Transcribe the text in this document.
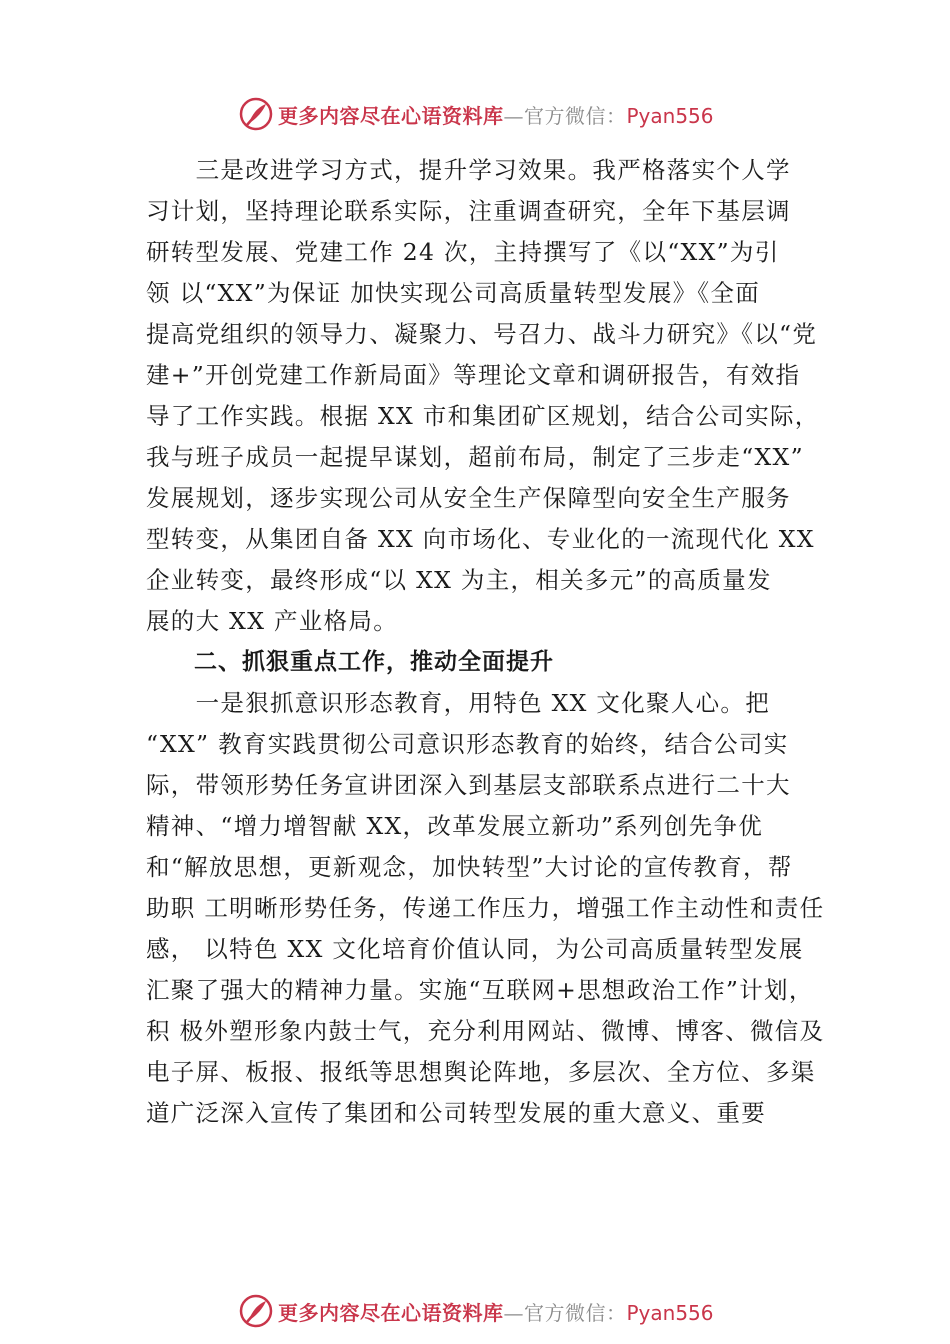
更多内容尽在心语资料库—官方微信：Pyan556
　　三是改进学习方式，提升学习效果。我严格落实个人学
习计划，坚持理论联系实际，注重调查研究，全年下基层调
研转型发展、党建工作 24 次，主持撰写了《以“XX”为引
领 以“XX”为保证 加快实现公司高质量转型发展》《全面
提高党组织的领导力、凝聚力、号召力、战斗力研究》《以“党
建+”开创党建工作新局面》等理论文章和调研报告，有效指
导了工作实践。根据 XX 市和集团矿区规划，结合公司实际，
我与班子成员一起提早谋划，超前布局，制定了三步走“XX”
发展规划，逐步实现公司从安全生产保障型向安全生产服务
型转变，从集团自备 XX 向市场化、专业化的一流现代化 XX
企业转变，最终形成“以 XX 为主，相关多元”的高质量发
展的大 XX 产业格局。
　　二、抓狠重点工作，推动全面提升
　　一是狠抓意识形态教育，用特色 XX 文化聚人心。把
“XX” 教育实践贯彻公司意识形态教育的始终，结合公司实
际，带领形势任务宣讲团深入到基层支部联系点进行二十大
精神、“增力增智献 XX，改革发展立新功”系列创先争优
和“解放思想，更新观念，加快转型”大讨论的宣传教育，帮
助职 工明晰形势任务，传递工作压力，增强工作主动性和责任
感， 以特色 XX 文化培育价值认同，为公司高质量转型发展
汇聚了强大的精神力量。实施“互联网+思想政治工作”计划，
积 极外塑形象内鼓士气，充分利用网站、微博、博客、微信及
电子屏、板报、报纸等思想舆论阵地，多层次、全方位、多渠
道广泛深入宣传了集团和公司转型发展的重大意义、重要
更多内容尽在心语资料库—官方微信：Pyan556
